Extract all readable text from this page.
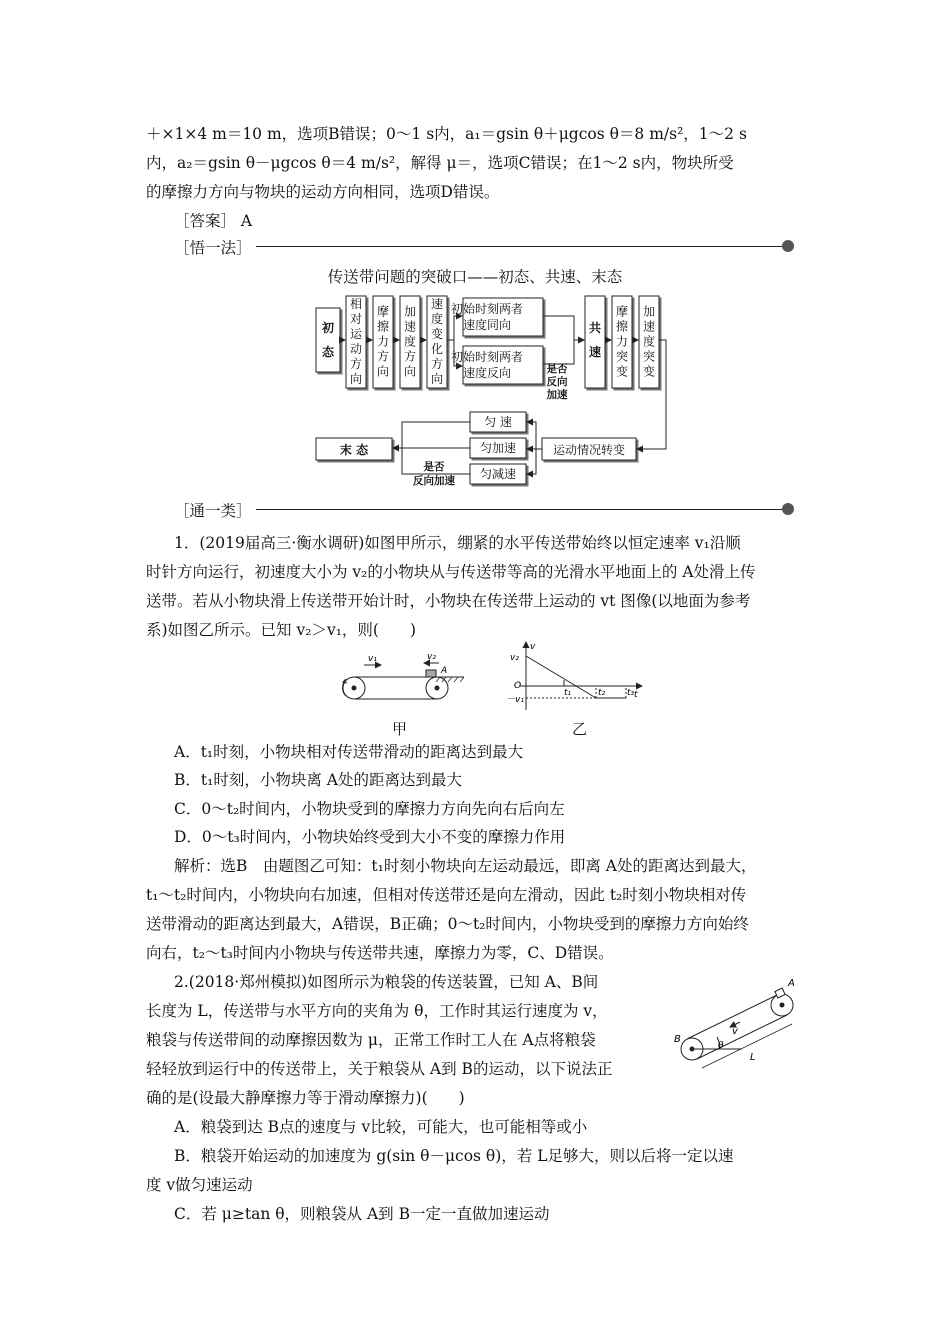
＋×1×4 m＝10 m，选项B错误；0～1 s内，a₁＝gsin θ＋μgcos θ＝8 m/s²，1～2 s
内，a₂＝gsin θ－μgcos θ＝4 m/s²，解得 μ＝，选项C错误；在1～2 s内，物块所受
的摩擦力方向与物块的运动方向相同，选项D错误。
［答案］ A
［悟一法］
传送带问题的突破口——初态、共速、末态
初
态
初始时刻两者
速度同向
初始时刻两者
速度反向
共
速
运动情况转变
匀 速
匀加速
匀减速
末 态
是否
反向
加速
是否
反向加速
相
对
运
动
方
向
摩
擦
力
方
向
加
速
度
方
向
速
度
变
化
方
向
摩
擦
力
突
变
加
速
度
突
变
［通一类］
1．(2019届高三·衡水调研)如图甲所示，绷紧的水平传送带始终以恒定速率 v₁沿顺
时针方向运行，初速度大小为 v₂的小物块从与传送带等高的光滑水平地面上的 A处滑上传
送带。若从小物块滑上传送带开始计时，小物块在传送带上运动的 vt 图像(以地面为参考
系)如图乙所示。已知 v₂＞v₁，则(　　)
v₁	v₂
A
甲
v
t
v₂
O
－v₁
t₁	t₂ t₃
乙
A．t₁时刻，小物块相对传送带滑动的距离达到最大
B．t₁时刻，小物块离 A处的距离达到最大
C．0～t₂时间内，小物块受到的摩擦力方向先向右后向左
D．0～t₃时间内，小物块始终受到大小不变的摩擦力作用
解析：选B　由题图乙可知：t₁时刻小物块向左运动最远，即离 A处的距离达到最大，
t₁～t₂时间内，小物块向右加速，但相对传送带还是向左滑动，因此 t₂时刻小物块相对传
送带滑动的距离达到最大，A错误，B正确；0～t₂时间内，小物块受到的摩擦力方向始终
向右，t₂～t₃时间内小物块与传送带共速，摩擦力为零，C、D错误。
2.(2018·郑州模拟)如图所示为粮袋的传送装置，已知 A、B间
长度为 L，传送带与水平方向的夹角为 θ，工作时其运行速度为 v，
粮袋与传送带间的动摩擦因数为 μ，正常工作时工人在 A点将粮袋
轻轻放到运行中的传送带上，关于粮袋从 A到 B的运动，以下说法正
确的是(设最大静摩擦力等于滑动摩擦力)(　　)
A
B
v
L
θ
A．粮袋到达 B点的速度与 v比较，可能大，也可能相等或小
B．粮袋开始运动的加速度为 g(sin θ－μcos θ)，若 L足够大，则以后将一定以速
度 v做匀速运动
C．若 μ≥tan θ，则粮袋从 A到 B一定一直做加速运动
